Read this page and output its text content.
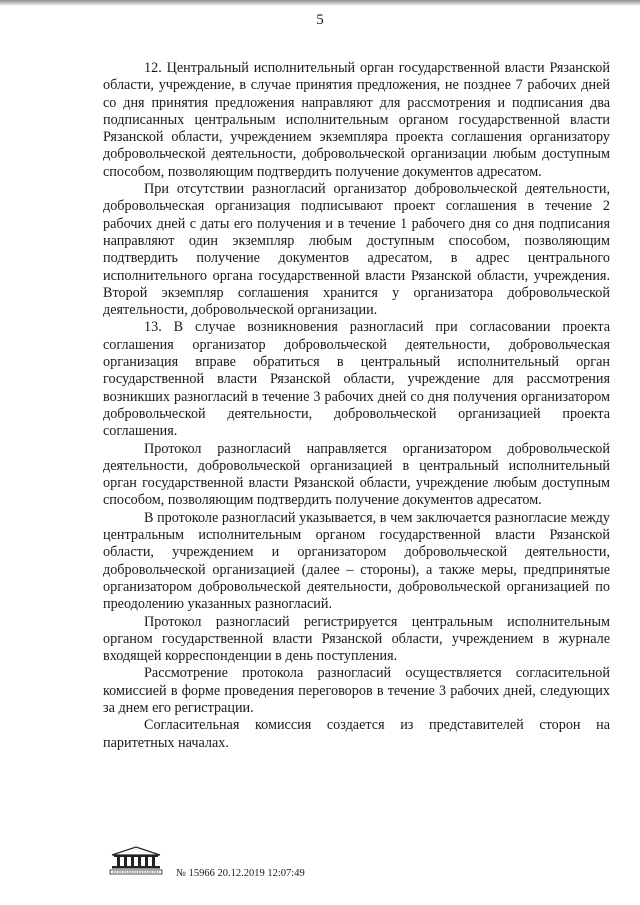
5

12. Центральный исполнительный орган государственной власти Рязанской области, учреждение, в случае принятия предложения, не позднее 7 рабочих дней со дня принятия предложения направляют для рассмотрения и подписания два подписанных центральным исполнительным органом государственной власти Рязанской области, учреждением экземпляра проекта соглашения организатору добровольческой деятельности, добровольческой организации любым доступным способом, позволяющим подтвердить получение документов адресатом.

При отсутствии разногласий организатор добровольческой деятельности, добровольческая организация подписывают проект соглашения в течение 2 рабочих дней с даты его получения и в течение 1 рабочего дня со дня подписания направляют один экземпляр любым доступным способом, позволяющим подтвердить получение документов адресатом, в адрес центрального исполнительного органа государственной власти Рязанской области, учреждения. Второй экземпляр соглашения хранится у организатора добровольческой деятельности, добровольческой организации.

13. В случае возникновения разногласий при согласовании проекта соглашения организатор добровольческой деятельности, добровольческая организация вправе обратиться в центральный исполнительный орган государственной власти Рязанской области, учреждение для рассмотрения возникших разногласий в течение 3 рабочих дней со дня получения организатором добровольческой деятельности, добровольческой организацией проекта соглашения.

Протокол разногласий направляется организатором добровольческой деятельности, добровольческой организацией в центральный исполнительный орган государственной власти Рязанской области, учреждение любым доступным способом, позволяющим подтвердить получение документов адресатом.

В протоколе разногласий указывается, в чем заключается разногласие между центральным исполнительным органом государственной власти Рязанской области, учреждением и организатором добровольческой деятельности, добровольческой организацией (далее – стороны), а также меры, предпринятые организатором добровольческой деятельности, добровольческой организацией по преодолению указанных разногласий.

Протокол разногласий регистрируется центральным исполнительным органом государственной власти Рязанской области, учреждением в журнале входящей корреспонденции в день поступления.

Рассмотрение протокола разногласий осуществляется согласительной комиссией в форме проведения переговоров в течение 3 рабочих дней, следующих за днем его регистрации.

Согласительная комиссия создается из представителей сторон на паритетных началах.

№ 15966 20.12.2019 12:07:49
